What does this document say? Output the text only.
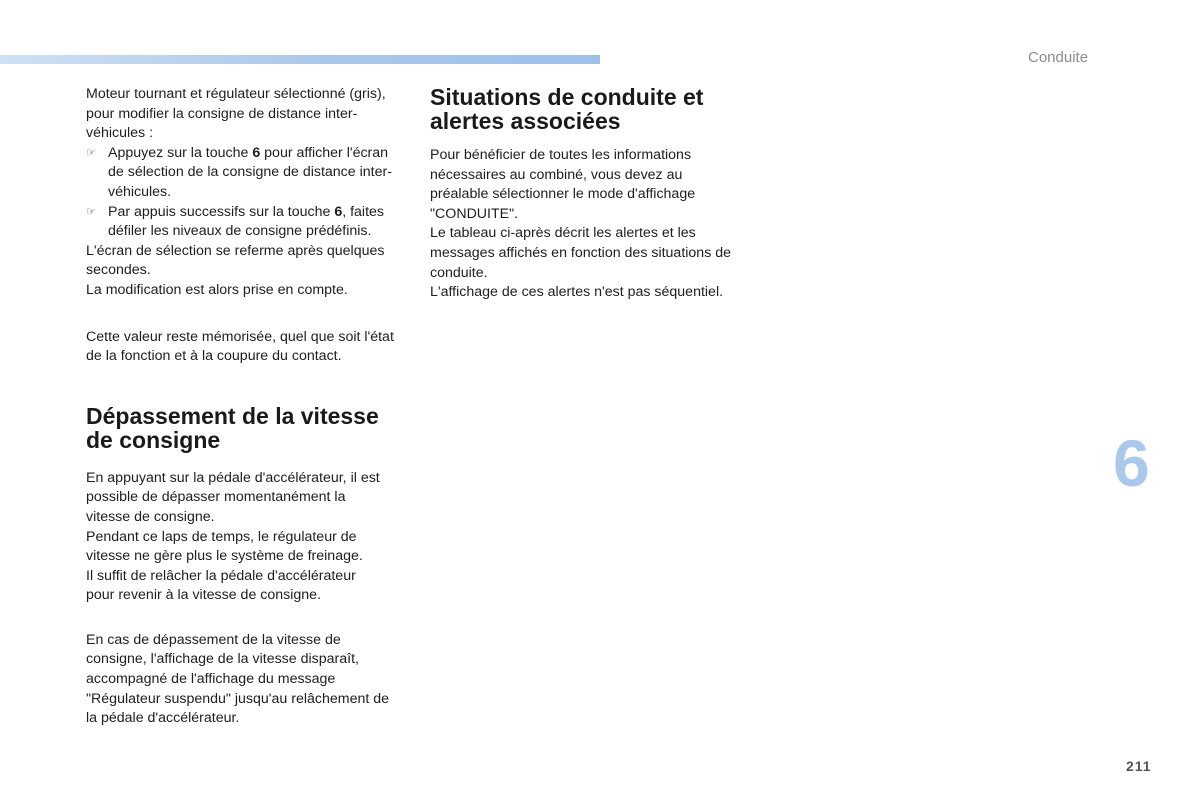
Conduite
6
211

Moteur tournant et régulateur sélectionné (gris), pour modifier la consigne de distance inter-véhicules :

☞ Appuyez sur la touche 6 pour afficher l'écran de sélection de la consigne de distance inter-véhicules.

☞ Par appuis successifs sur la touche 6, faites défiler les niveaux de consigne prédéfinis.

L'écran de sélection se referme après quelques secondes.

La modification est alors prise en compte.

Cette valeur reste mémorisée, quel que soit l'état de la fonction et à la coupure du contact.

Dépassement de la vitesse
de consigne

En appuyant sur la pédale d'accélérateur, il est possible de dépasser momentanément la vitesse de consigne.

Pendant ce laps de temps, le régulateur de vitesse ne gère plus le système de freinage.

Il suffit de relâcher la pédale d'accélérateur pour revenir à la vitesse de consigne.

En cas de dépassement de la vitesse de consigne, l'affichage de la vitesse disparaît, accompagné de l'affichage du message "Régulateur suspendu" jusqu'au relâchement de la pédale d'accélérateur.

Situations de conduite et
alertes associées

Pour bénéficier de toutes les informations nécessaires au combiné, vous devez au préalable sélectionner le mode d'affichage "CONDUITE".

Le tableau ci-après décrit les alertes et les messages affichés en fonction des situations de conduite.

L'affichage de ces alertes n'est pas séquentiel.
